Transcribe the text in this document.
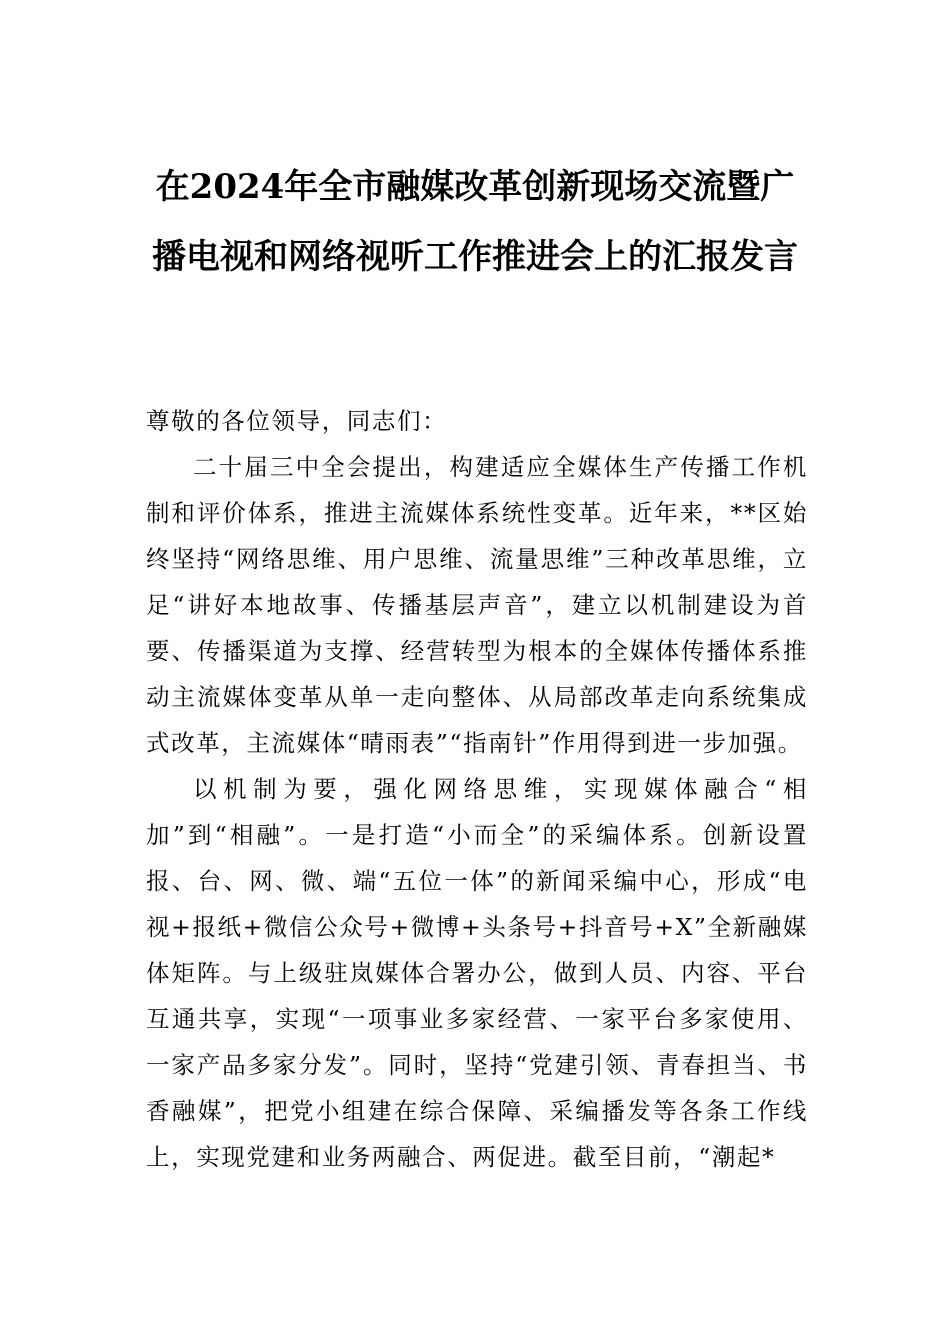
在2024年全市融媒改革创新现场交流暨广播电视和网络视听工作推进会上的汇报发言

尊敬的各位领导，同志们：

二十届三中全会提出，构建适应全媒体生产传播工作机制和评价体系，推进主流媒体系统性变革。近年来，**区始终坚持“网络思维、用户思维、流量思维”三种改革思维，立足“讲好本地故事、传播基层声音”，建立以机制建设为首要、传播渠道为支撑、经营转型为根本的全媒体传播体系推动主流媒体变革从单一走向整体、从局部改革走向系统集成式改革，主流媒体“晴雨表”“指南针”作用得到进一步加强。

以机制为要，强化网络思维，实现媒体融合“相加”到“相融”。一是打造“小而全”的采编体系。创新设置报、台、网、微、端“五位一体”的新闻采编中心，形成“电视+报纸+微信公众号+微博+头条号+抖音号+X”全新融媒体矩阵。与上级驻岚媒体合署办公，做到人员、内容、平台互通共享，实现“一项事业多家经营、一家平台多家使用、一家产品多家分发”。同时，坚持“党建引领、青春担当、书香融媒”，把党小组建在综合保障、采编播发等各条工作线上，实现党建和业务两融合、两促进。截至目前，“潮起*
